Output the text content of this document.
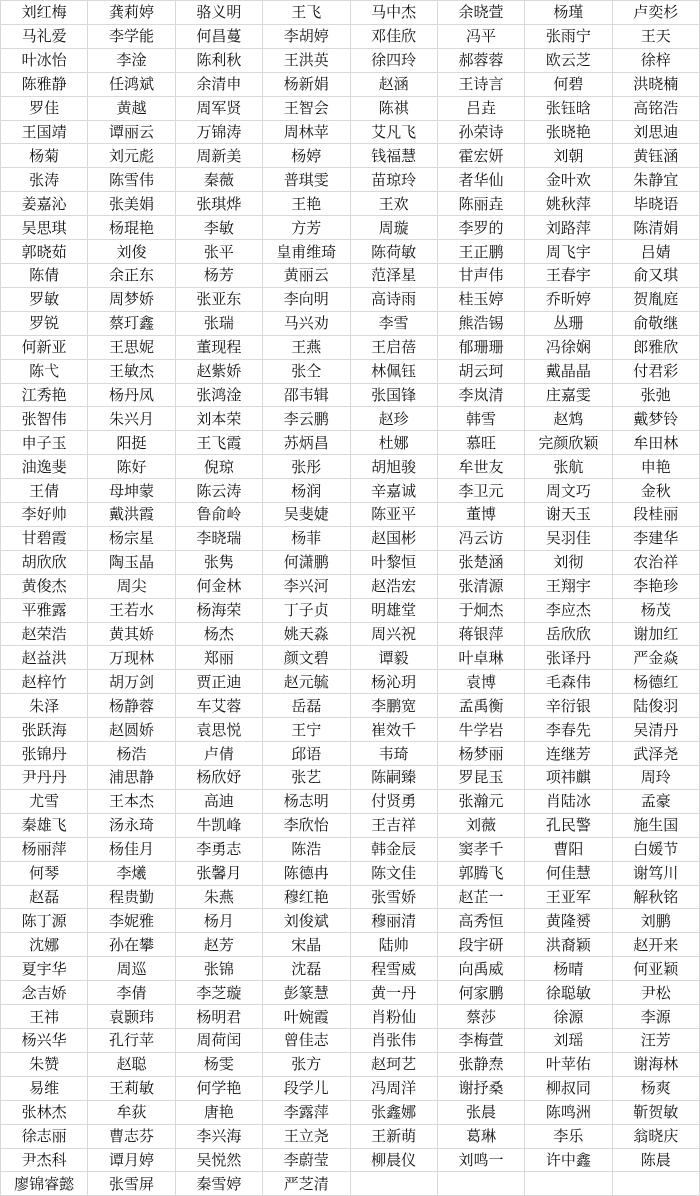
刘红梅	龚莉婷	骆义明	王飞	马中杰	余晓萱	杨瑾	卢奕杉
马礼爱	李学能	何昌蔓	李胡婷	邓佳欣	冯平	张雨宁	王天
叶冰怡	李淦	陈利秋	王洪英	徐四玲	郝蓉蓉	欧云芝	徐梓
陈雅静	任鸿斌	余清申	杨新娟	赵涵	王诗言	何碧	洪晓楠
罗佳	黄越	周军贤	王智会	陈祺	吕垚	张钰晗	高铭浩
王国靖	谭丽云	万锦涛	周林苹	艾凡飞	孙荣诗	张晓艳	刘思迪
杨菊	刘元彪	周新美	杨婷	钱福慧	霍宏妍	刘朝	黄钰涵
张涛	陈雪伟	秦薇	普琪雯	苗琼玲	者华仙	金叶欢	朱静宜
姜嘉沁	张美娟	张琪烨	王艳	王欢	陈丽垚	姚秋萍	毕晓语
吴思琪	杨琨艳	李敏	方芳	周璇	李罗的	刘路萍	陈清娟
郭晓茹	刘俊	张平	皇甫维琦	陈荷敏	王正鹏	周飞宇	吕婧
陈倩	余正东	杨芳	黄丽云	范泽星	甘声伟	王春宇	俞又琪
罗敏	周梦娇	张亚东	李向明	高诗雨	桂玉婷	乔昕婷	贺胤庭
罗锐	蔡玎鑫	张瑞	马兴劝	李雪	熊浩锡	丛珊	俞敬继
何新亚	王思妮	董现程	王燕	王启蓓	郁珊珊	冯徐娴	郎雅欣
陈弋	王敏杰	赵紫娇	张仝	林佩钰	胡云珂	戴晶晶	付君彩
江秀艳	杨丹凤	张鸿淦	邵韦辑	张国锋	李岚清	庄嘉雯	张弛
张智伟	朱兴月	刘本荣	李云鹏	赵珍	韩雪	赵鸩	戴梦铃
申子玉	阳挺	王飞霞	苏炳昌	杜娜	慕旺	完颜欣颖	牟田林
油逸斐	陈好	倪琼	张彤	胡旭骏	牟世友	张航	申艳
王倩	母坤蒙	陈云涛	杨润	辛嘉诚	李卫元	周文巧	金秋
李好帅	戴洪霞	鲁俞岭	吴斐婕	陈亚平	董博	谢天玉	段桂丽
甘碧霞	杨宗星	李晓瑞	杨菲	赵国彬	冯云访	吴羽佳	李建华
胡欣欣	陶玉晶	张隽	何潇鹏	叶黎恒	张楚涵	刘彻	农治祥
黄俊杰	周尖	何金林	李兴河	赵浩宏	张清源	王翔宇	李艳珍
平雅露	王若水	杨海荣	丁子贞	明雄堂	于炯杰	李应杰	杨茂
赵荣浩	黄其娇	杨杰	姚天淼	周兴祝	蒋银萍	岳欣欣	谢加红
赵益洪	万现林	郑丽	颜文碧	谭毅	叶卓琳	张译丹	严金焱
赵梓竹	胡万剑	贾正迪	赵元毓	杨沁玥	袁博	毛森伟	杨德红
朱泽	杨静蓉	车艾蓉	岳磊	李鹏宽	孟禹衡	辛衍银	陆俊羽
张跃海	赵圆娇	袁思悦	王宁	崔效千	牛学岩	李春先	吴清丹
张锦丹	杨浩	卢倩	邱语	韦琦	杨梦丽	连继芳	武泽尧
尹丹丹	浦思静	杨欣妤	张艺	陈嗣臻	罗昆玉	项祎麒	周玲
尤雪	王本杰	高迪	杨志明	付贤勇	张瀚元	肖陆冰	孟豪
秦雄飞	汤永琦	牛凯峰	李欣怡	王吉祥	刘薇	孔民警	施生国
杨丽萍	杨佳月	李勇志	陈浩	韩金辰	窦孝千	曹阳	白媛节
何琴	李爔	张馨月	陈德冉	陈文佳	郭腾飞	何佳慧	谢笃川
赵磊	程贵勤	朱燕	穆红艳	张雪娇	赵芷一	王亚军	解秋铭
陈丁源	李妮雅	杨月	刘俊斌	穆丽清	高秀恒	黄隆赟	刘鹏
沈娜	孙在攀	赵芳	宋晶	陆帅	段宇研	洪裔颖	赵开来
夏宇华	周巡	张锦	沈磊	程雪威	向禹威	杨晴	何亚颖
念吉娇	李倩	李芝璇	彭篆慧	黄一丹	何家鹏	徐聪敏	尹松
王祎	袁颢玮	杨明君	叶婉霞	肖粉仙	蔡莎	徐源	李源
杨兴华	孔行苹	周荷闰	曾佳志	肖张伟	李梅萱	刘瑶	汪芳
朱赞	赵聪	杨雯	张方	赵珂艺	张静焘	叶苹佑	谢海林
易维	王莉敏	何学艳	段学儿	冯周洋	谢抒桑	柳叔同	杨爽
张林杰	牟荻	唐艳	李露萍	张鑫娜	张晨	陈鸣洲	靳贺敏
徐志丽	曹志芬	李兴海	王立尧	王新萌	葛琳	李乐	翁晓庆
尹杰科	谭月婷	吴悦然	李蔚莹	柳晨仪	刘鸣一	许中鑫	陈晨
廖锦睿懿	张雪屏	秦雪婷	严芝清				
